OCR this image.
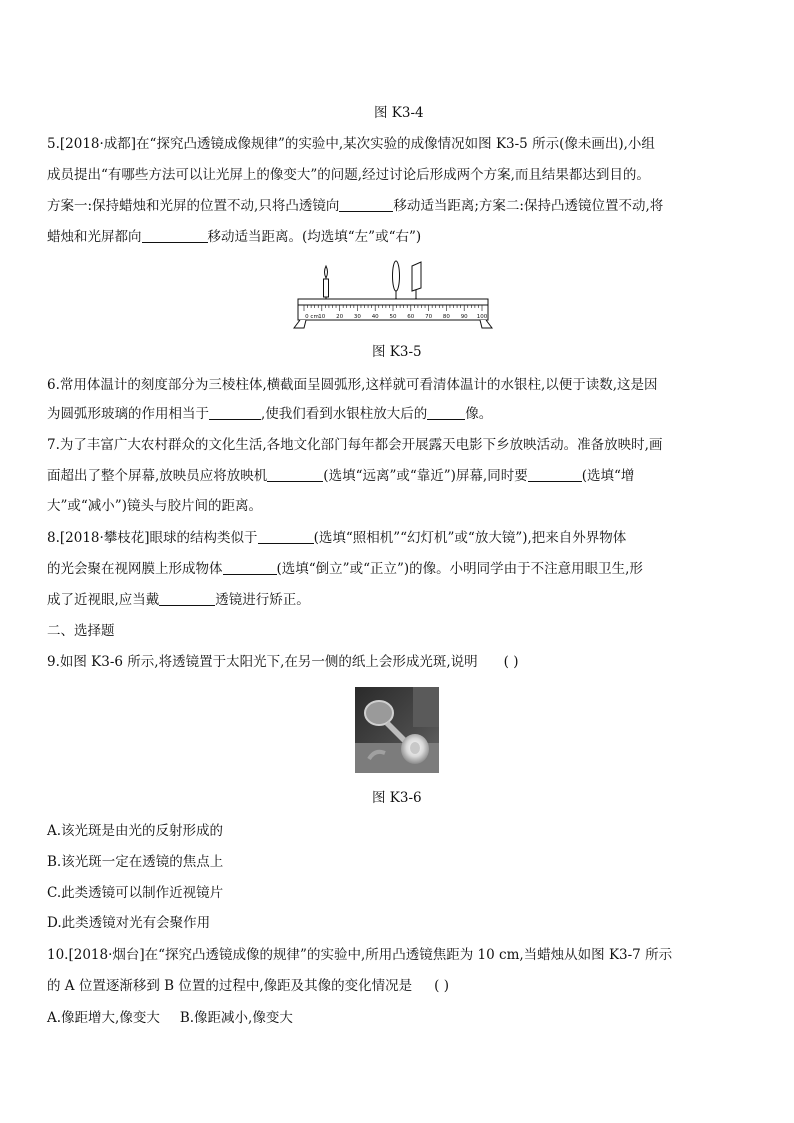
图 K3-4
5.[2018·成都]在“探究凸透镜成像规律”的实验中,某次实验的成像情况如图 K3-5 所示(像未画出),小组
成员提出“有哪些方法可以让光屏上的像变大”的问题,经过讨论后形成两个方案,而且结果都达到目的。
方案一:保持蜡烛和光屏的位置不动,只将凸透镜向	移动适当距离;方案二:保持凸透镜位置不动,将
蜡烛和光屏都向	移动适当距离。(均选填“左”或“右”)
0 cm 10 20 30 40 50 60 70 80 90 100
图 K3-5
6.常用体温计的刻度部分为三棱柱体,横截面呈圆弧形,这样就可看清体温计的水银柱,以便于读数,这是因
为圆弧形玻璃的作用相当于	,使我们看到水银柱放大后的	像。
7.为了丰富广大农村群众的文化生活,各地文化部门每年都会开展露天电影下乡放映活动。准备放映时,画
面超出了整个屏幕,放映员应将放映机	(选填“远离”或“靠近”)屏幕,同时要	(选填“增
大”或“减小”)镜头与胶片间的距离。
8.[2018·攀枝花]眼球的结构类似于	(选填“照相机”“幻灯机”或“放大镜”),把来自外界物体
的光会聚在视网膜上形成物体	(选填“倒立”或“正立”)的像。小明同学由于不注意用眼卫生,形
成了近视眼,应当戴	透镜进行矫正。
二、选择题
9.如图 K3-6 所示,将透镜置于太阳光下,在另一侧的纸上会形成光斑,说明 ( )
图 K3-6
A.该光斑是由光的反射形成的
B.该光斑一定在透镜的焦点上
C.此类透镜可以制作近视镜片
D.此类透镜对光有会聚作用
10.[2018·烟台]在“探究凸透镜成像的规律”的实验中,所用凸透镜焦距为 10 cm,当蜡烛从如图 K3-7 所示
的 A 位置逐渐移到 B 位置的过程中,像距及其像的变化情况是 ( )
A.像距增大,像变大 B.像距减小,像变大
